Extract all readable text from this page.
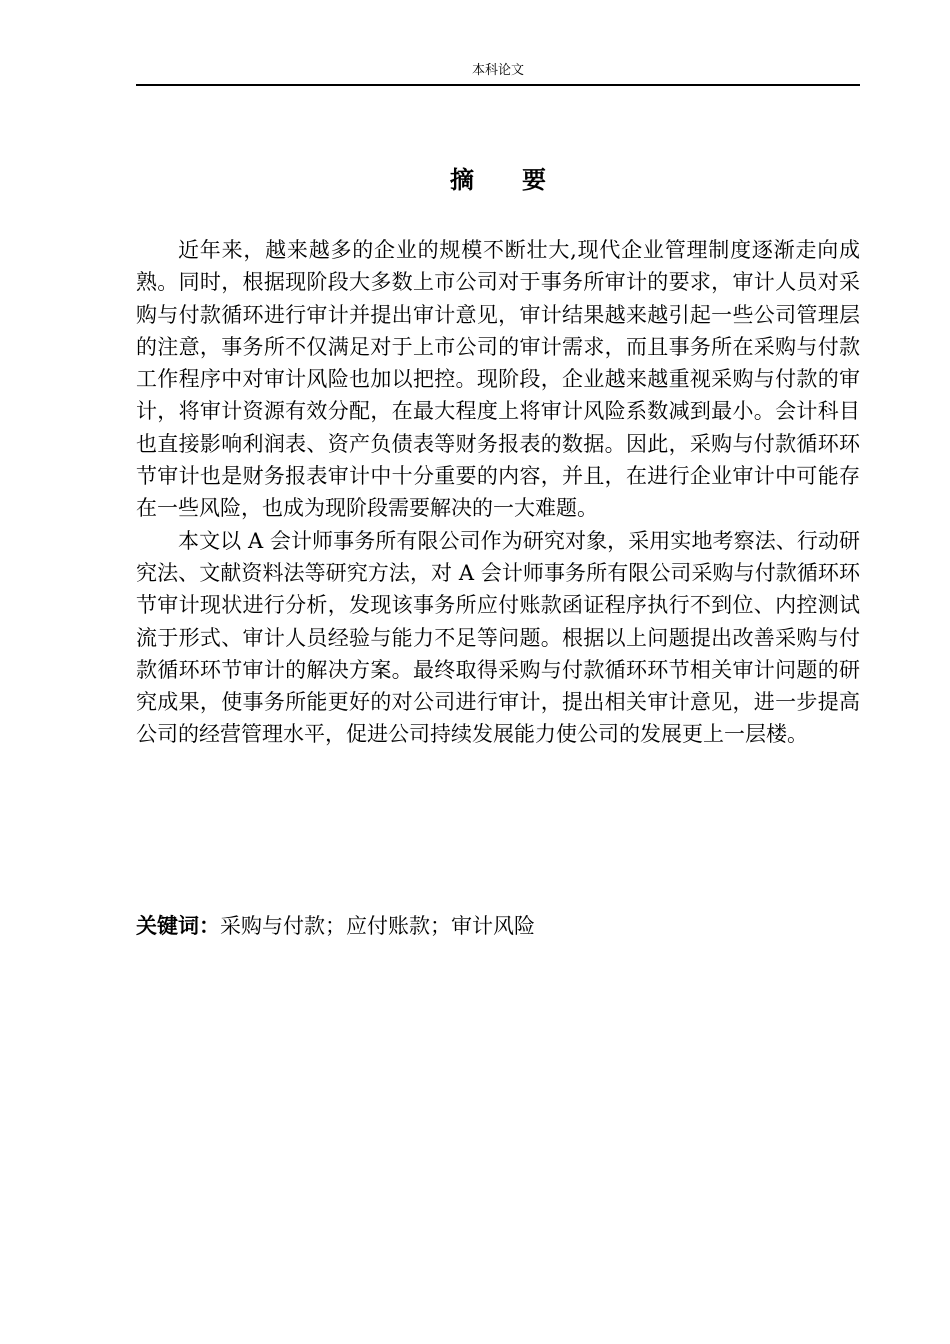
本科论文
摘　要

近年来，越来越多的企业的规模不断壮大,现代企业管理制度逐渐走向成熟。同时，根据现阶段大多数上市公司对于事务所审计的要求，审计人员对采购与付款循环进行审计并提出审计意见，审计结果越来越引起一些公司管理层的注意，事务所不仅满足对于上市公司的审计需求，而且事务所在采购与付款工作程序中对审计风险也加以把控。现阶段，企业越来越重视采购与付款的审计，将审计资源有效分配，在最大程度上将审计风险系数减到最小。会计科目也直接影响利润表、资产负债表等财务报表的数据。因此，采购与付款循环环节审计也是财务报表审计中十分重要的内容，并且，在进行企业审计中可能存在一些风险，也成为现阶段需要解决的一大难题。

本文以 A 会计师事务所有限公司作为研究对象，采用实地考察法、行动研究法、文献资料法等研究方法，对 A 会计师事务所有限公司采购与付款循环环节审计现状进行分析，发现该事务所应付账款函证程序执行不到位、内控测试流于形式、审计人员经验与能力不足等问题。根据以上问题提出改善采购与付款循环环节审计的解决方案。最终取得采购与付款循环环节相关审计问题的研究成果，使事务所能更好的对公司进行审计，提出相关审计意见，进一步提高公司的经营管理水平，促进公司持续发展能力使公司的发展更上一层楼。

关键词：采购与付款；应付账款；审计风险
